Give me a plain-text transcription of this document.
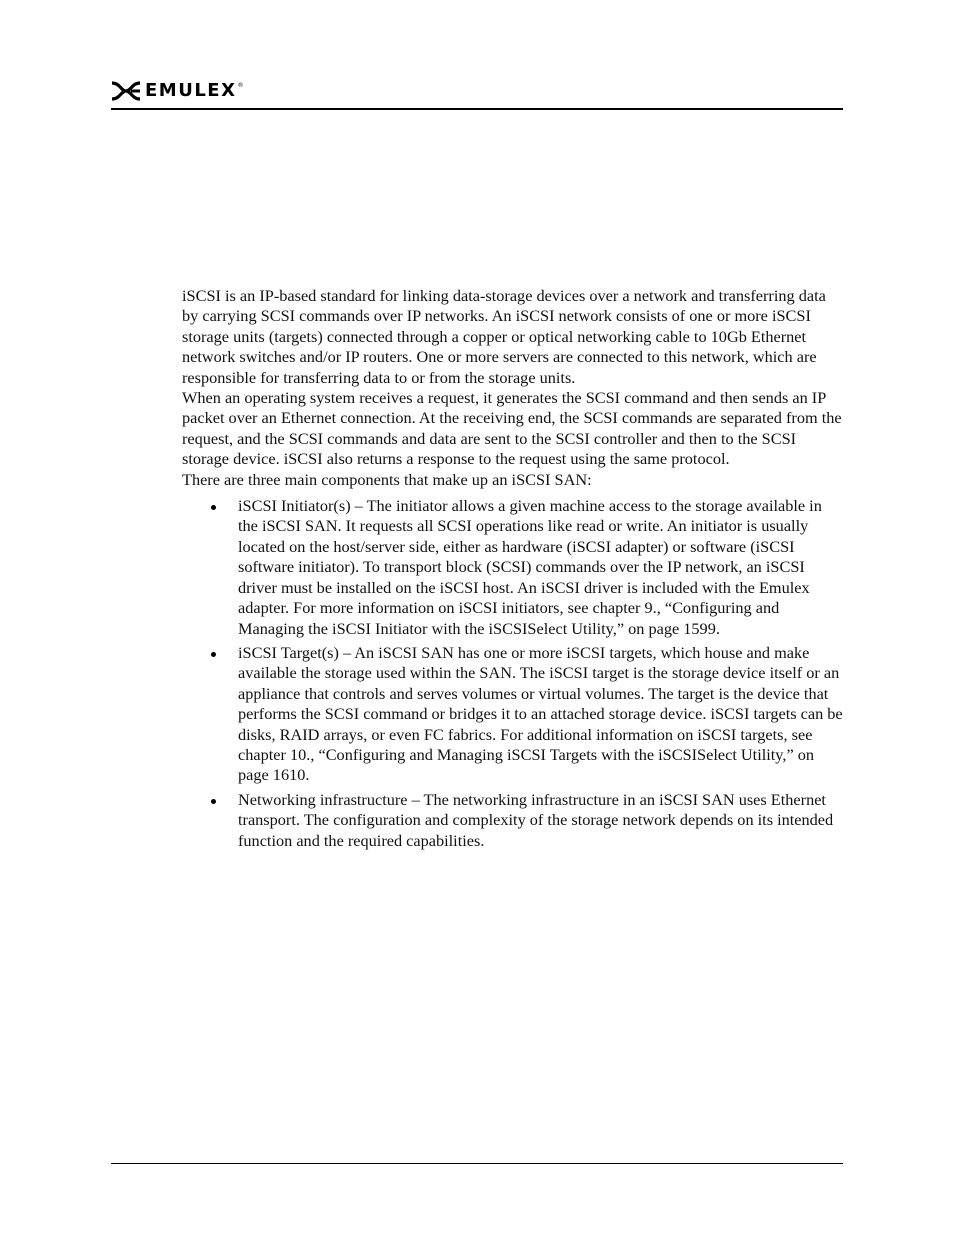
EMULEX ®

iSCSI is an IP-based standard for linking data-storage devices over a network and transferring data by carrying SCSI commands over IP networks. An iSCSI network consists of one or more iSCSI storage units (targets) connected through a copper or optical networking cable to 10Gb Ethernet network switches and/or IP routers. One or more servers are connected to this network, which are responsible for transferring data to or from the storage units.

When an operating system receives a request, it generates the SCSI command and then sends an IP packet over an Ethernet connection. At the receiving end, the SCSI commands are separated from the request, and the SCSI commands and data are sent to the SCSI controller and then to the SCSI storage device. iSCSI also returns a response to the request using the same protocol.

There are three main components that make up an iSCSI SAN:

iSCSI Initiator(s) – The initiator allows a given machine access to the storage available in the iSCSI SAN. It requests all SCSI operations like read or write. An initiator is usually located on the host/server side, either as hardware (iSCSI adapter) or software (iSCSI software initiator). To transport block (SCSI) commands over the IP network, an iSCSI driver must be installed on the iSCSI host. An iSCSI driver is included with the Emulex adapter. For more information on iSCSI initiators, see chapter 9., “Configuring and Managing the iSCSI Initiator with the iSCSISelect Utility,” on page 1599.
iSCSI Target(s) – An iSCSI SAN has one or more iSCSI targets, which house and make available the storage used within the SAN. The iSCSI target is the storage device itself or an appliance that controls and serves volumes or virtual volumes. The target is the device that performs the SCSI command or bridges it to an attached storage device. iSCSI targets can be disks, RAID arrays, or even FC fabrics. For additional information on iSCSI targets, see chapter 10., “Configuring and Managing iSCSI Targets with the iSCSISelect Utility,” on page 1610.
Networking infrastructure – The networking infrastructure in an iSCSI SAN uses Ethernet transport. The configuration and complexity of the storage network depends on its intended function and the required capabilities.
